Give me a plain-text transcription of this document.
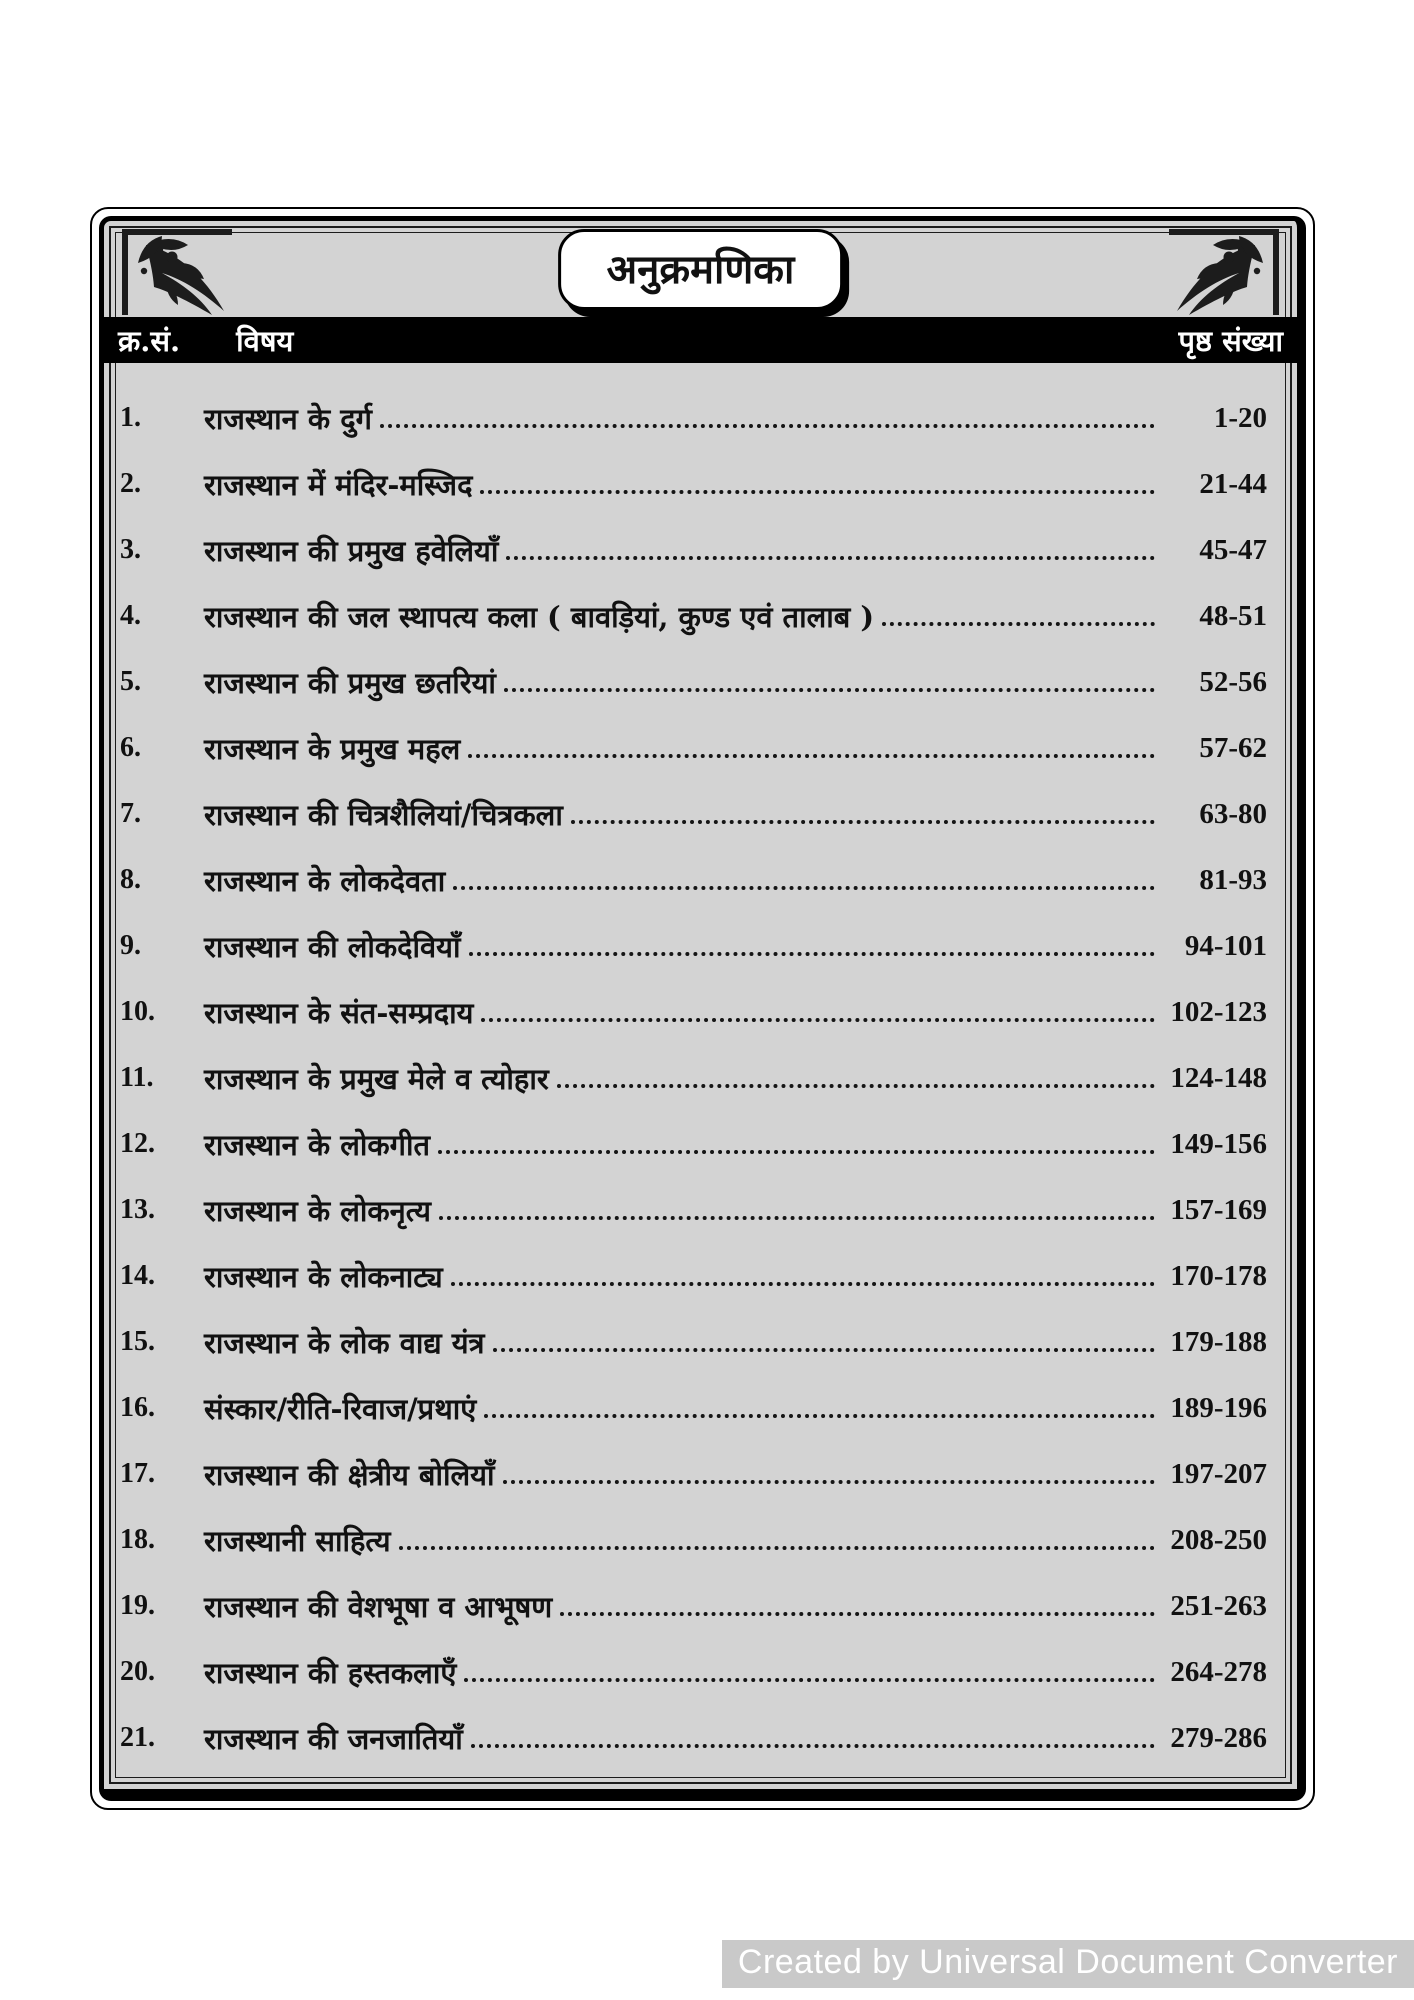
अनुक्रमणिका
क्र.सं. विषय	पृष्ठ संख्या
1.	राजस्थान के दुर्ग	1-20
2.	राजस्थान में मंदिर-मस्जिद	21-44
3.	राजस्थान की प्रमुख हवेलियाँ	45-47
4.	राजस्थान की जल स्थापत्य कला ( बावड़ियां, कुण्ड एवं तालाब )	48-51
5.	राजस्थान की प्रमुख छतरियां	52-56
6.	राजस्थान के प्रमुख महल	57-62
7.	राजस्थान की चित्रशैलियां/चित्रकला	63-80
8.	राजस्थान के लोकदेवता	81-93
9.	राजस्थान की लोकदेवियाँ	94-101
10.	राजस्थान के संत-सम्प्रदाय	102-123
11.	राजस्थान के प्रमुख मेले व त्योहार	124-148
12.	राजस्थान के लोकगीत	149-156
13.	राजस्थान के लोकनृत्य	157-169
14.	राजस्थान के लोकनाट्य	170-178
15.	राजस्थान के लोक वाद्य यंत्र	179-188
16.	संस्कार/रीति-रिवाज/प्रथाएं	189-196
17.	राजस्थान की क्षेत्रीय बोलियाँ	197-207
18.	राजस्थानी साहित्य	208-250
19.	राजस्थान की वेशभूषा व आभूषण	251-263
20.	राजस्थान की हस्तकलाएँ	264-278
21.	राजस्थान की जनजातियाँ	279-286
Created by Universal Document Converter
